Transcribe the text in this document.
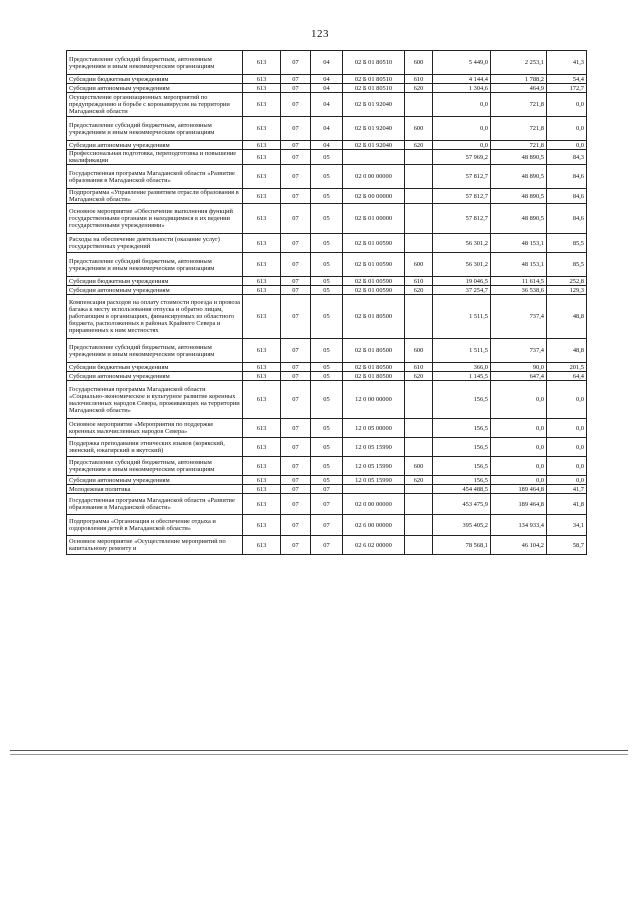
123
Предоставление субсидий бюджетным, автономным учреждениям и иным некоммерческим организациям	613	07	04	02 Б 01 80510	600	5 449,0	2 253,1	41,3
Субсидии бюджетным учреждениям	613	07	04	02 Б 01 80510	610	4 144,4	1 788,2	54,4
Субсидии автономным учреждениям	613	07	04	02 Б 01 80510	620	1 304,6	464,9	172,7
Осуществление организационных мероприятий по предупреждению и борьбе с коронавирусом на территории Магаданской области	613	07	04	02 Б 01 92040		0,0	721,8	0,0
Предоставление субсидий бюджетным, автономным учреждениям и иным некоммерческим организациям	613	07	04	02 Б 01 92040	600	0,0	721,8	0,0
Субсидии автономным учреждениям	613	07	04	02 Б 01 92040	620	0,0	721,8	0,0
Профессиональная подготовка, переподготовка и повышение квалификации	613	07	05			57 969,2	48 890,5	84,3
Государственная программа Магаданской области «Развитие образования в Магаданской области»	613	07	05	02 0 00 00000		57 812,7	48 890,5	84,6
Подпрограмма «Управление развитием отрасли образования в Магаданской области»	613	07	05	02 Б 00 00000		57 812,7	48 890,5	84,6
Основное мероприятие «Обеспечение выполнения функций государственными органами и находящимися в их ведении государственными учреждениями»	613	07	05	02 Б 01 00000		57 812,7	48 890,5	84,6
Расходы на обеспечение деятельности (оказание услуг) государственных учреждений	613	07	05	02 Б 01 00590		56 301,2	48 153,1	85,5
Предоставление субсидий бюджетным, автономным учреждениям и иным некоммерческим организациям	613	07	05	02 Б 01 00590	600	56 301,2	48 153,1	85,5
Субсидии бюджетным учреждениям	613	07	05	02 Б 01 00590	610	19 046,5	11 614,5	252,8
Субсидии автономным учреждениям	613	07	05	02 Б 01 00590	620	37 254,7	36 538,6	129,3
Компенсация расходов на оплату стоимости проезда и провоза багажа к месту использования отпуска и обратно лицам, работающим в организациях, финансируемых из областного бюджета, расположенных в районах Крайнего Севера и приравненных к ним местностях	613	07	05	02 Б 01 80500		1 511,5	737,4	48,8
Предоставление субсидий бюджетным, автономным учреждениям и иным некоммерческим организациям	613	07	05	02 Б 01 80500	600	1 511,5	737,4	48,8
Субсидии бюджетным учреждениям	613	07	05	02 Б 01 80500	610	366,0	90,0	201,5
Субсидии автономным учреждениям	613	07	05	02 Б 01 80500	620	1 145,5	647,4	64,4
Государственная программа Магаданской области «Социально-экономическое и культурное развитие коренных малочисленных народов Севера, проживающих на территории Магаданской области»	613	07	05	12 0 00 00000		156,5	0,0	0,0
Основное мероприятие «Мероприятия по поддержке коренных малочисленных народов Севера»	613	07	05	12 0 05 00000		156,5	0,0	0,0
Поддержка преподавания этнических языков (корякский, эвенский, юкагирский и якутский)	613	07	05	12 0 05 15990		156,5	0,0	0,0
Предоставление субсидий бюджетным, автономным учреждениям и иным некоммерческим организациям	613	07	05	12 0 05 15990	600	156,5	0,0	0,0
Субсидии автономным учреждениям	613	07	05	12 0 05 15990	620	156,5	0,0	0,0
Молодежная политика	613	07	07			454 488,5	189 464,8	41,7
Государственная программа Магаданской области «Развитие образования в Магаданской области»	613	07	07	02 0 00 00000		453 475,9	189 464,8	41,8
Подпрограмма «Организация и обеспечение отдыха и оздоровления детей в Магаданской области»	613	07	07	02 6 00 00000		395 405,2	134 933,4	34,1
Основное мероприятие «Осуществление мероприятий по капитальному ремонту и	613	07	07	02 6 02 00000		78 568,1	46 104,2	58,7
